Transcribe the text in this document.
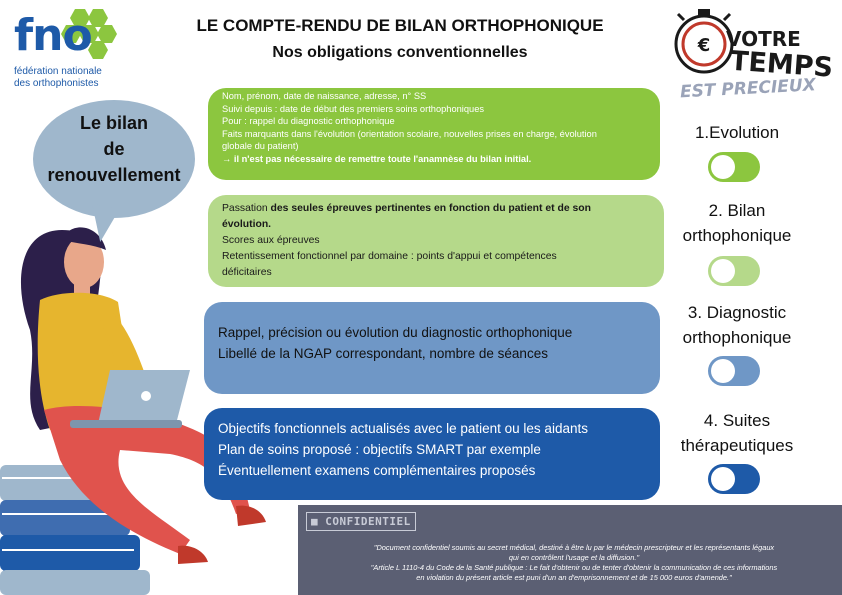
fno
fédération nationale
des orthophonistes
LE COMPTE-RENDU DE BILAN ORTHOPHONIQUE
Nos obligations conventionnelles	€ VOTRE
TEMPS
EST PRECIEUX
Le bilan
de
renouvellement
Nom, prénom, date de naissance, adresse, n° SS
Suivi depuis : date de début des premiers soins orthophoniques
Pour : rappel du diagnostic orthophonique
Faits marquants dans l'évolution (orientation scolaire, nouvelles prises en charge, évolution
globale du patient)
→ il n'est pas nécessaire de remettre toute l'anamnèse du bilan initial.
Passation des seules épreuves pertinentes en fonction du patient et de son
évolution.
Scores aux épreuves
Retentissement fonctionnel par domaine : points d'appui et compétences
déficitaires
Rappel, précision ou évolution du diagnostic orthophonique
Libellé de la NGAP correspondant, nombre de séances
Objectifs fonctionnels actualisés avec le patient ou les aidants
Plan de soins proposé : objectifs SMART par exemple
Éventuellement examens complémentaires proposés
1.Evolution
2. Bilan
orthophonique
3. Diagnostic
orthophonique
4. Suites
thérapeutiques
■ CONFIDENTIEL
"Document confidentiel soumis au secret médical, destiné à être lu par le médecin prescripteur et les représentants légaux
qui en contrôlent l'usage et la diffusion."
"Article L 1110-4 du Code de la Santé publique : Le fait d'obtenir ou de tenter d'obtenir la communication de ces informations
en violation du présent article est puni d'un an d'emprisonnement et de 15 000 euros d'amende."
